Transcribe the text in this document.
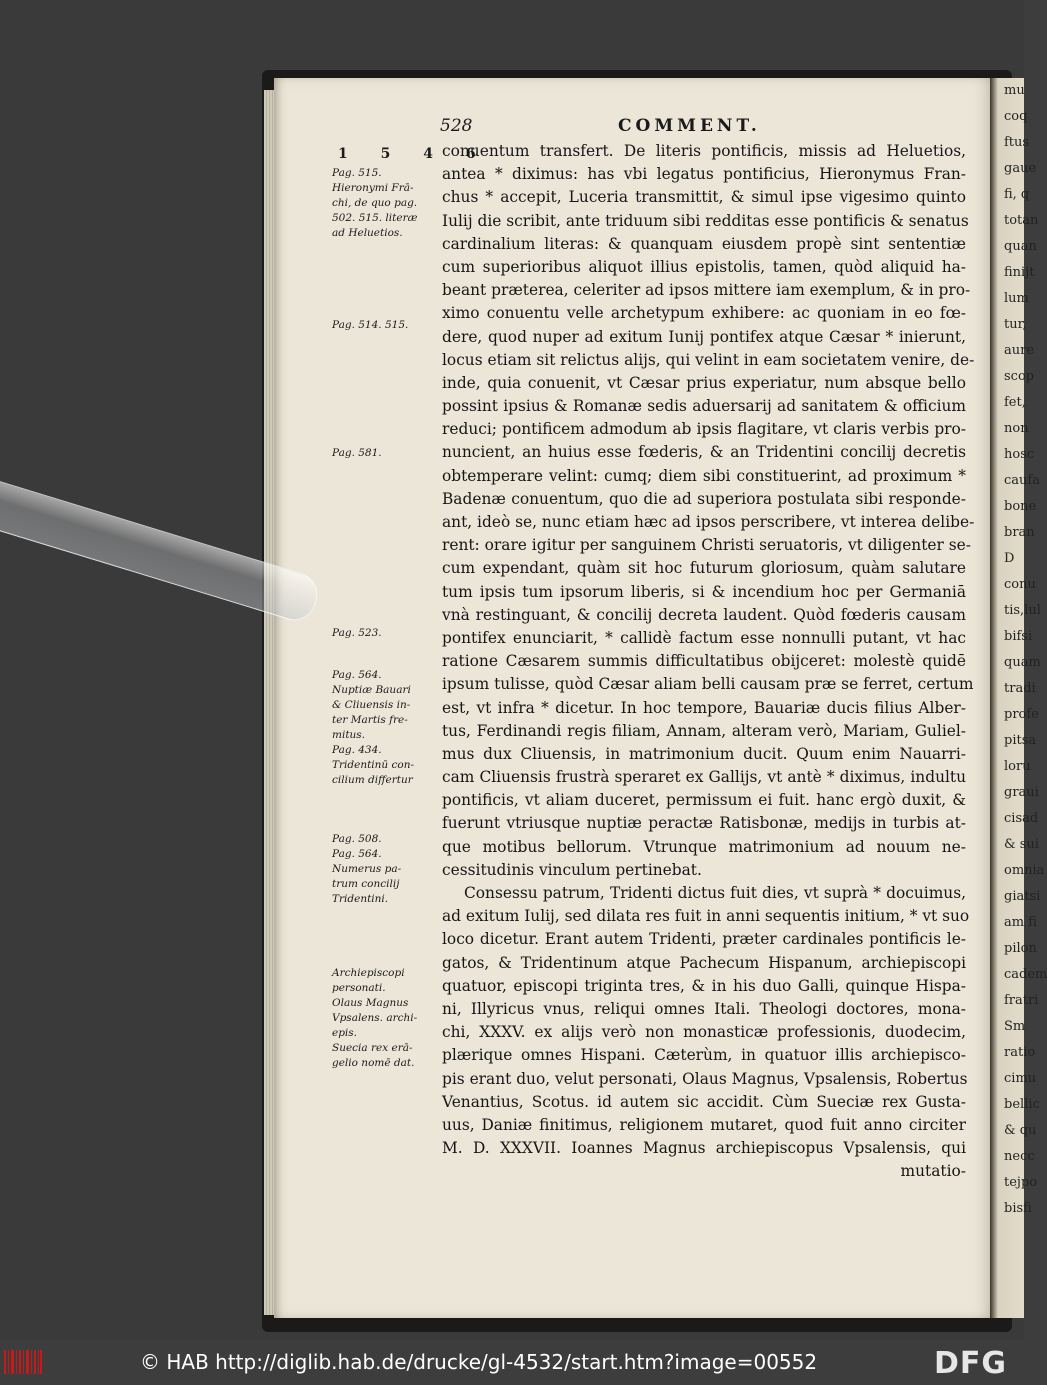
mu
coq
ftus
gaue
fi, q
totan
quan
finijt
lum
tur,
aure
scop
fet,
non
hosc
caufa
bone
bran
D
conu
tis,lul
bifsi
quam
tradi
profe
pitsa
loru
graui
cisad
& sui
omnia
giatsi
am fi
pilon
cadem
fratri
Sm
ratio
cimu
bellic
& qu
necc
tejpo
bisfi
528	COMMENT.
1 5 4 6
Pag. 515.
Hieronymi Frā-
chi, de quo pag.
502. 515. literæ
ad Heluetios.
Pag. 514. 515.
Pag. 581.
Pag. 523.
Pag. 564.
Nuptiæ Bauari
& Cliuensis in-
ter Martis fre-
mitus.
Pag. 434.
Tridentinū con-
cilium differtur
Pag. 508.
Pag. 564.
Numerus pa-
trum concilij
Tridentini.
Archiepiscopi
personati.
Olaus Magnus
Vpsalens. archi-
epis.
Suecia rex erā-
gelio nomē dat.
conuentum transfert. De literis pontificis, missis ad Heluetios,
antea * diximus: has vbi legatus pontificius, Hieronymus Fran-
chus * accepit, Luceria transmittit, & simul ipse vigesimo quinto
Iulij die scribit, ante triduum sibi redditas esse pontificis & senatus
cardinalium literas: & quanquam eiusdem propè sint sententiæ
cum superioribus aliquot illius epistolis, tamen, quòd aliquid ha-
beant præterea, celeriter ad ipsos mittere iam exemplum, & in pro-
ximo conuentu velle archetypum exhibere: ac quoniam in eo fœ-
dere, quod nuper ad exitum Iunij pontifex atque Cæsar * inierunt,
locus etiam sit relictus alijs, qui velint in eam societatem venire, de-
inde, quia conuenit, vt Cæsar prius experiatur, num absque bello
possint ipsius & Romanæ sedis aduersarij ad sanitatem & officium
reduci; pontificem admodum ab ipsis flagitare, vt claris verbis pro-
nuncient, an huius esse fœderis, & an Tridentini concilij decretis
obtemperare velint: cumq; diem sibi constituerint, ad proximum *
Badenæ conuentum, quo die ad superiora postulata sibi responde-
ant, ideò se, nunc etiam hæc ad ipsos perscribere, vt interea delibe-
rent: orare igitur per sanguinem Christi seruatoris, vt diligenter se-
cum expendant, quàm sit hoc futurum gloriosum, quàm salutare
tum ipsis tum ipsorum liberis, si & incendium hoc per Germaniā
vnà restinguant, & concilij decreta laudent. Quòd fœderis causam
pontifex enunciarit, * callidè factum esse nonnulli putant, vt hac
ratione Cæsarem summis difficultatibus obijceret: molestè quidē
ipsum tulisse, quòd Cæsar aliam belli causam præ se ferret, certum
est, vt infra * dicetur. In hoc tempore, Bauariæ ducis filius Alber-
tus, Ferdinandi regis filiam, Annam, alteram verò, Mariam, Guliel-
mus dux Cliuensis, in matrimonium ducit. Quum enim Nauarri-
cam Cliuensis frustrà speraret ex Gallijs, vt antè * diximus, indultu
pontificis, vt aliam duceret, permissum ei fuit. hanc ergò duxit, &
fuerunt vtriusque nuptiæ peractæ Ratisbonæ, medijs in turbis at-
que motibus bellorum. Vtrunque matrimonium ad nouum ne-
cessitudinis vinculum pertinebat.
Consessu patrum, Tridenti dictus fuit dies, vt suprà * docuimus,
ad exitum Iulij, sed dilata res fuit in anni sequentis initium, * vt suo
loco dicetur. Erant autem Tridenti, præter cardinales pontificis le-
gatos, & Tridentinum atque Pachecum Hispanum, archiepiscopi
quatuor, episcopi triginta tres, & in his duo Galli, quinque Hispa-
ni, Illyricus vnus, reliqui omnes Itali. Theologi doctores, mona-
chi, XXXV. ex alijs verò non monasticæ professionis, duodecim,
plærique omnes Hispani. Cæterùm, in quatuor illis archiepisco-
pis erant duo, velut personati, Olaus Magnus, Vpsalensis, Robertus
Venantius, Scotus. id autem sic accidit. Cùm Sueciæ rex Gusta-
uus, Daniæ finitimus, religionem mutaret, quod fuit anno circiter
M. D. XXXVII. Ioannes Magnus archiepiscopus Vpsalensis, qui
mutatio-
© HAB http://diglib.hab.de/drucke/gl-4532/start.htm?image=00552	DFG
